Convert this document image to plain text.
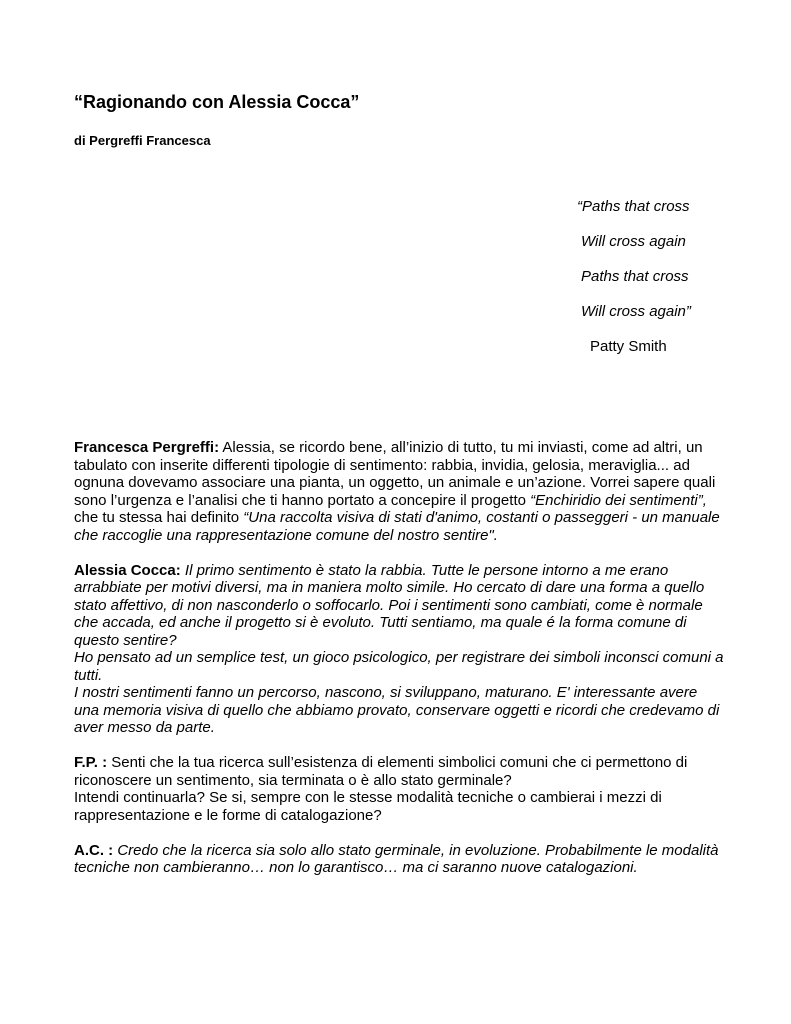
“Ragionando con Alessia Cocca”

di Pergreffi Francesca

“Paths that cross
Will cross again
Paths that cross
Will cross again”
Patty Smith

Francesca Pergreffi: Alessia, se ricordo bene, all’inizio di tutto, tu mi inviasti, come ad altri, un tabulato con inserite differenti tipologie di sentimento: rabbia, invidia, gelosia, meraviglia... ad ognuna dovevamo associare una pianta, un oggetto, un animale e un’azione. Vorrei sapere quali sono l’urgenza e l’analisi che ti hanno portato a concepire il progetto “Enchiridio dei sentimenti”, che tu stessa hai definito “Una raccolta visiva di stati d'animo, costanti o passeggeri - un manuale che raccoglie una rappresentazione comune del nostro sentire".

Alessia Cocca: Il primo sentimento è stato la rabbia. Tutte le persone intorno a me erano arrabbiate per motivi diversi, ma in maniera molto simile. Ho cercato di dare una forma a quello stato affettivo, di non nasconderlo o soffocarlo. Poi i sentimenti sono cambiati, come è normale che accada, ed anche il progetto si è evoluto. Tutti sentiamo, ma quale é la forma comune di questo sentire?
Ho pensato ad un semplice test, un gioco psicologico, per registrare dei simboli inconsci comuni a tutti.
I nostri sentimenti fanno un percorso, nascono, si sviluppano, maturano. E' interessante avere una memoria visiva di quello che abbiamo provato, conservare oggetti e ricordi che credevamo di aver messo da parte.

F.P. : Senti che la tua ricerca sull’esistenza di elementi simbolici comuni che ci permettono di riconoscere un sentimento, sia terminata o è allo stato germinale?
Intendi continuarla? Se si, sempre con le stesse modalità tecniche o cambierai i mezzi di rappresentazione e le forme di catalogazione?

A.C. : Credo che la ricerca sia solo allo stato germinale, in evoluzione. Probabilmente le modalità tecniche non cambieranno… non lo garantisco… ma ci saranno nuove catalogazioni.
